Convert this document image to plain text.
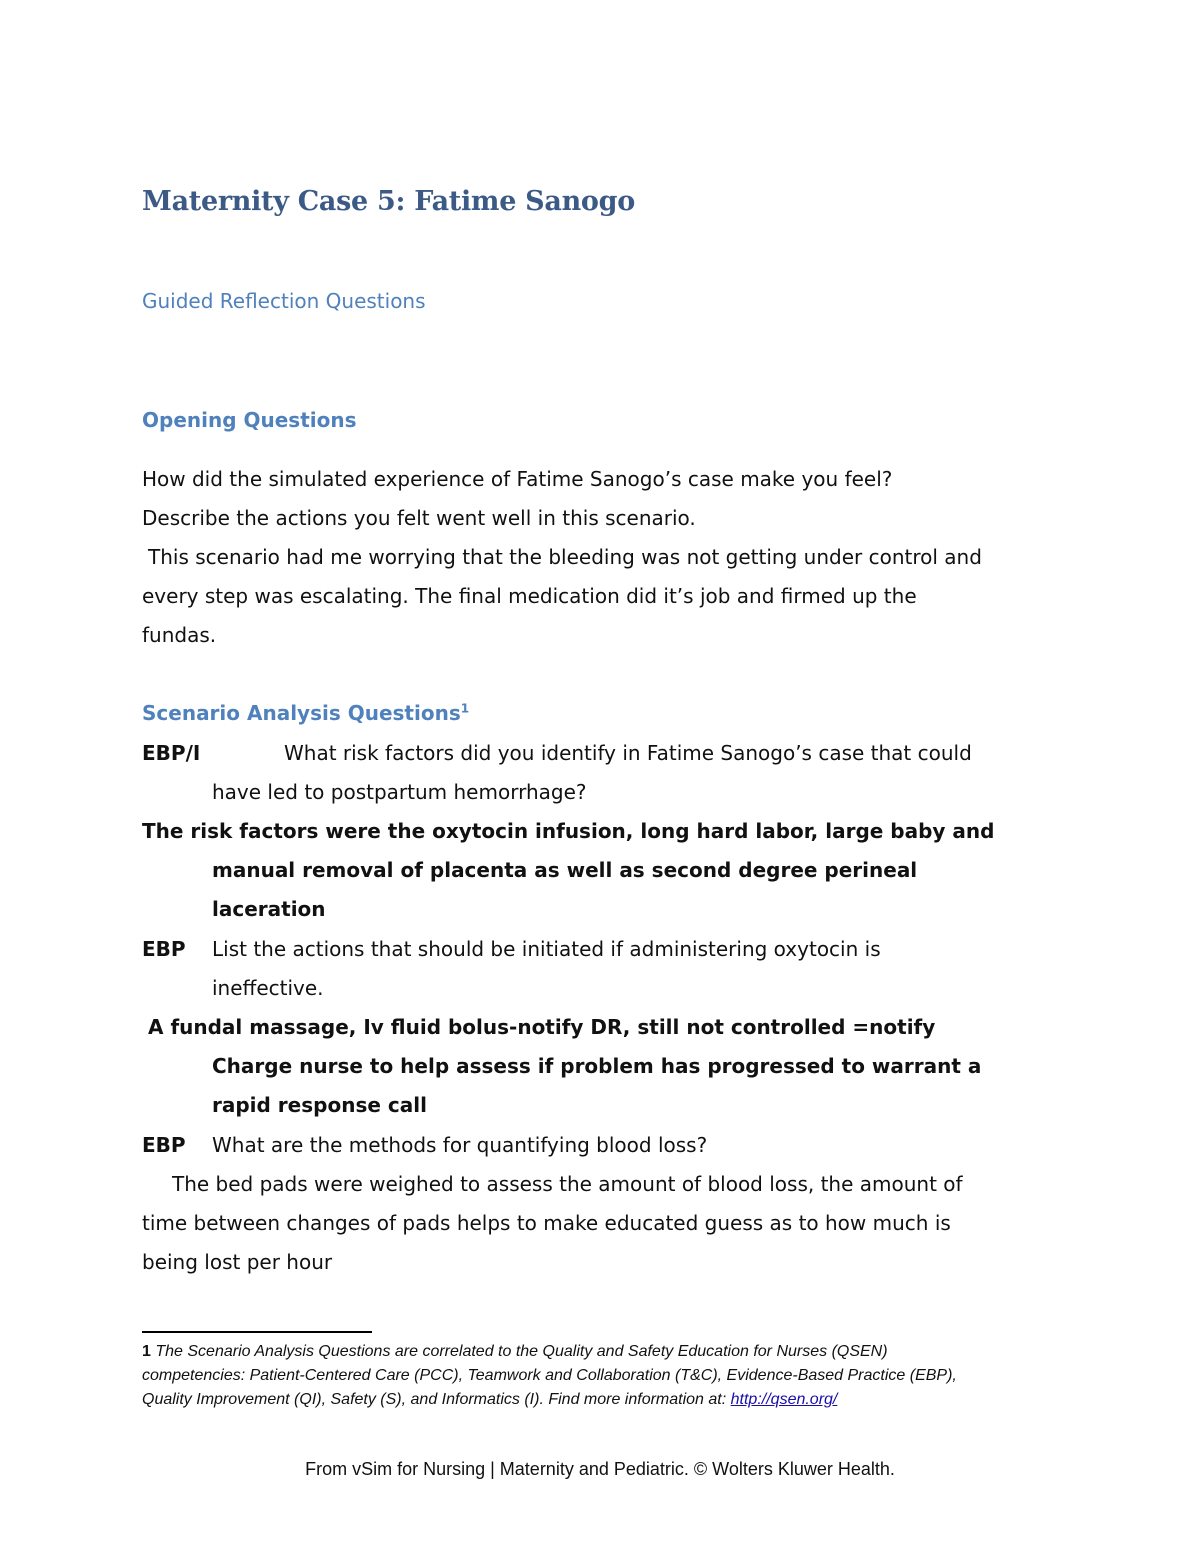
Maternity Case 5: Fatime Sanogo
Guided Reflection Questions
Opening Questions
How did the simulated experience of Fatime Sanogo’s case make you feel?
Describe the actions you felt went well in this scenario.
This scenario had me worrying that the bleeding was not getting under control and
every step was escalating. The final medication did it’s job and firmed up the
fundas.
Scenario Analysis Questions$^1$
EBP/I	What risk factors did you identify in Fatime Sanogo’s case that could
have led to postpartum hemorrhage?
The risk factors were the oxytocin infusion, long hard labor, large baby and
manual removal of placenta as well as second degree perineal
laceration
EBP List the actions that should be initiated if administering oxytocin is
ineffective.
A fundal massage, Iv fluid bolus-notify DR, still not controlled =notify
Charge nurse to help assess if problem has progressed to warrant a
rapid response call
EBP What are the methods for quantifying blood loss?
The bed pads were weighed to assess the amount of blood loss, the amount of
time between changes of pads helps to make educated guess as to how much is
being lost per hour
1 The Scenario Analysis Questions are correlated to the Quality and Safety Education for Nurses (QSEN)
competencies: Patient-Centered Care (PCC), Teamwork and Collaboration (T&C), Evidence-Based Practice (EBP),
Quality Improvement (QI), Safety (S), and Informatics (I). Find more information at: http://qsen.org/
From vSim for Nursing | Maternity and Pediatric. © Wolters Kluwer Health.
